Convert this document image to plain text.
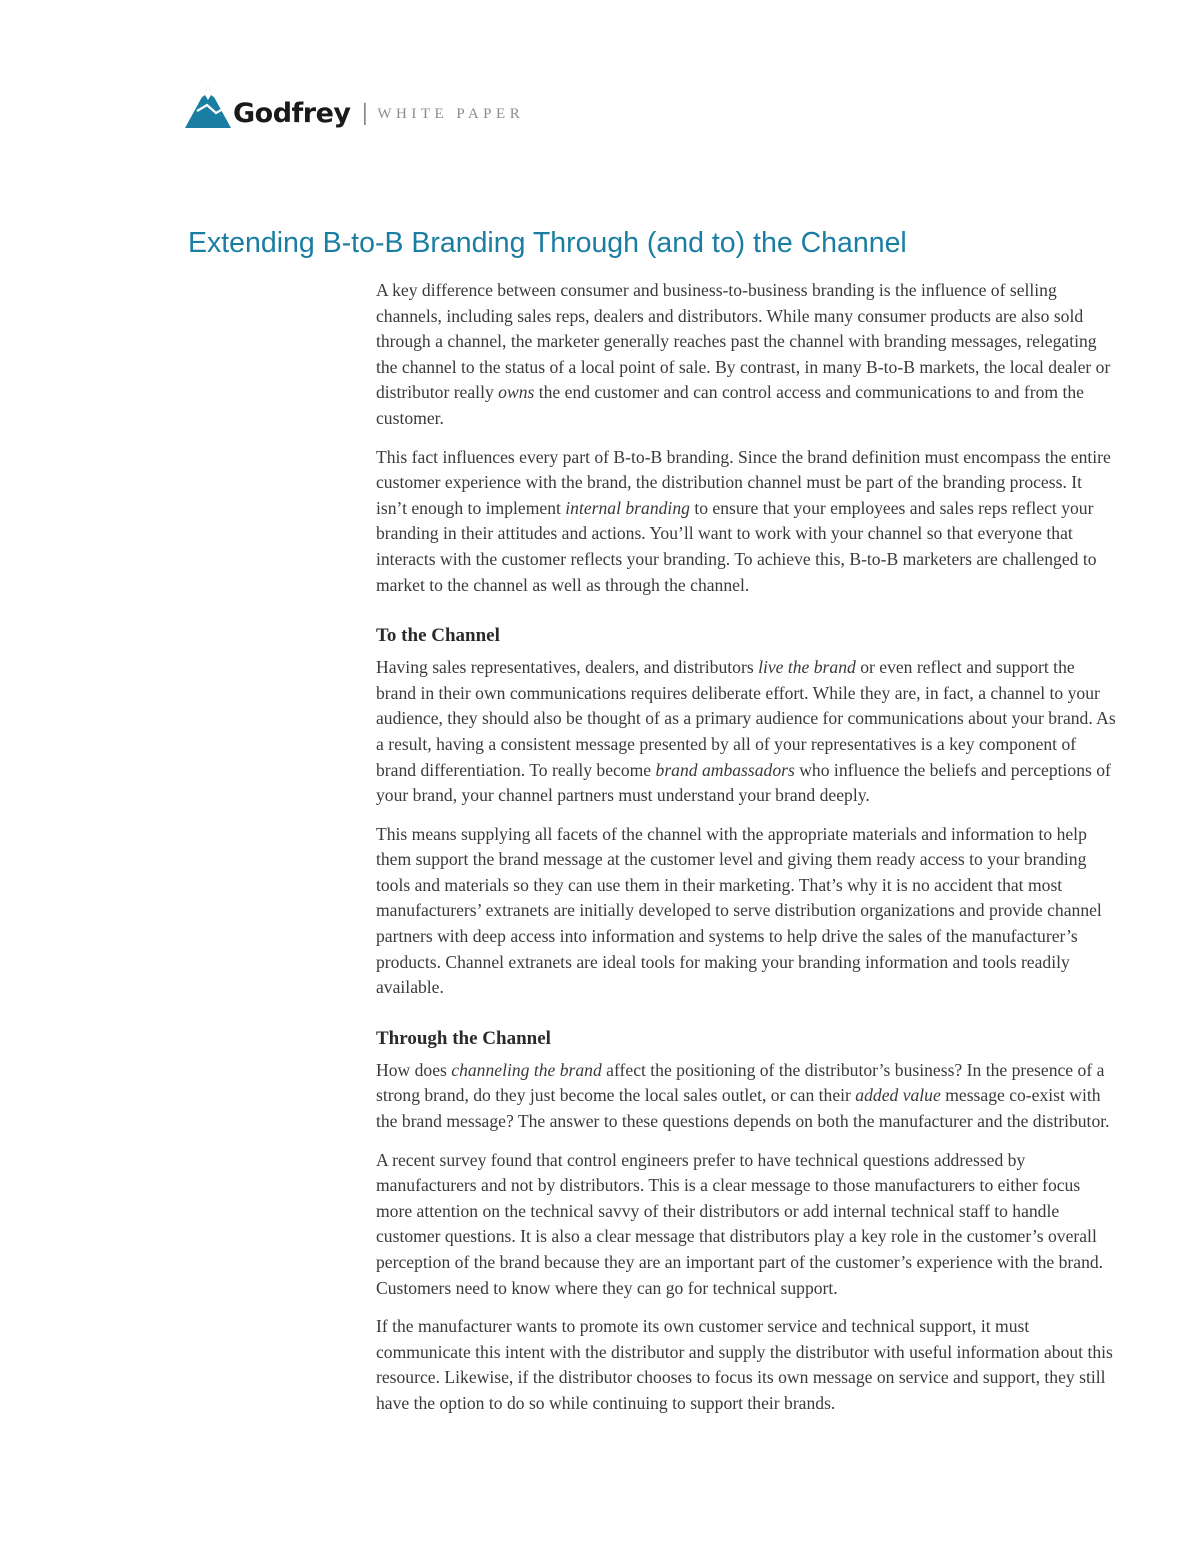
Godfrey | WHITE PAPER
Extending B-to-B Branding Through (and to) the Channel

A key difference between consumer and business-to-business branding is the influence of selling channels, including sales reps, dealers and distributors. While many consumer products are also sold through a channel, the marketer generally reaches past the channel with branding messages, relegating the channel to the status of a local point of sale. By contrast, in many B-to-B markets, the local dealer or distributor really owns the end customer and can control access and communications to and from the customer.

This fact influences every part of B-to-B branding. Since the brand definition must encompass the entire customer experience with the brand, the distribution channel must be part of the branding process. It isn’t enough to implement internal branding to ensure that your employees and sales reps reflect your branding in their attitudes and actions. You’ll want to work with your channel so that everyone that interacts with the customer reflects your branding. To achieve this, B-to-B marketers are challenged to market to the channel as well as through the channel.

To the Channel

Having sales representatives, dealers, and distributors live the brand or even reflect and support the brand in their own communications requires deliberate effort. While they are, in fact, a channel to your audience, they should also be thought of as a primary audience for communications about your brand. As a result, having a consistent message presented by all of your representatives is a key component of brand differentiation. To really become brand ambassadors who influence the beliefs and perceptions of your brand, your channel partners must understand your brand deeply.

This means supplying all facets of the channel with the appropriate materials and information to help them support the brand message at the customer level and giving them ready access to your branding tools and materials so they can use them in their marketing. That’s why it is no accident that most manufacturers’ extranets are initially developed to serve distribution organizations and provide channel partners with deep access into information and systems to help drive the sales of the manufacturer’s products. Channel extranets are ideal tools for making your branding information and tools readily available.

Through the Channel

How does channeling the brand affect the positioning of the distributor’s business? In the presence of a strong brand, do they just become the local sales outlet, or can their added value message co-exist with the brand message? The answer to these questions depends on both the manufacturer and the distributor.

A recent survey found that control engineers prefer to have technical questions addressed by manufacturers and not by distributors. This is a clear message to those manufacturers to either focus more attention on the technical savvy of their distributors or add internal technical staff to handle customer questions. It is also a clear message that distributors play a key role in the customer’s overall perception of the brand because they are an important part of the customer’s experience with the brand. Customers need to know where they can go for technical support.

If the manufacturer wants to promote its own customer service and technical support, it must communicate this intent with the distributor and supply the distributor with useful information about this resource. Likewise, if the distributor chooses to focus its own message on service and support, they still have the option to do so while continuing to support their brands.
